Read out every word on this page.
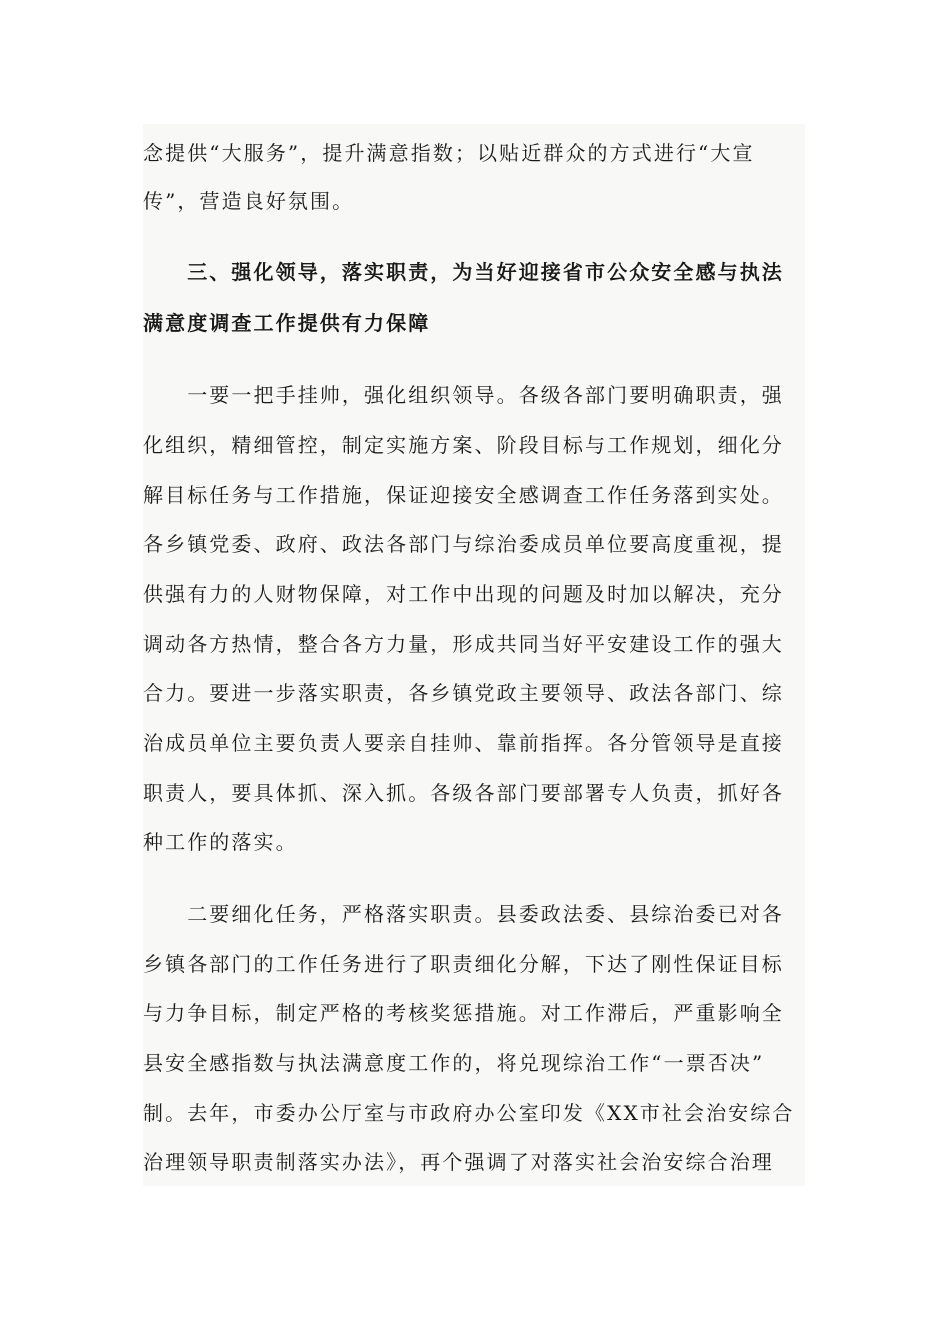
念提供“大服务”，提升满意指数；以贴近群众的方式进行“大宣
传”，营造良好氛围。
　　三、强化领导，落实职责，为当好迎接省市公众安全感与执法
满意度调查工作提供有力保障
　　一要一把手挂帅，强化组织领导。各级各部门要明确职责，强
化组织，精细管控，制定实施方案、阶段目标与工作规划，细化分
解目标任务与工作措施，保证迎接安全感调查工作任务落到实处。
各乡镇党委、政府、政法各部门与综治委成员单位要高度重视，提
供强有力的人财物保障，对工作中出现的问题及时加以解决，充分
调动各方热情，整合各方力量，形成共同当好平安建设工作的强大
合力。要进一步落实职责，各乡镇党政主要领导、政法各部门、综
治成员单位主要负责人要亲自挂帅、靠前指挥。各分管领导是直接
职责人，要具体抓、深入抓。各级各部门要部署专人负责，抓好各
种工作的落实。
　　二要细化任务，严格落实职责。县委政法委、县综治委已对各
乡镇各部门的工作任务进行了职责细化分解，下达了刚性保证目标
与力争目标，制定严格的考核奖惩措施。对工作滞后，严重影响全
县安全感指数与执法满意度工作的，将兑现综治工作“一票否决”
制。去年，市委办公厅室与市政府办公室印发《XX市社会治安综合
治理领导职责制落实办法》，再个强调了对落实社会治安综合治理
